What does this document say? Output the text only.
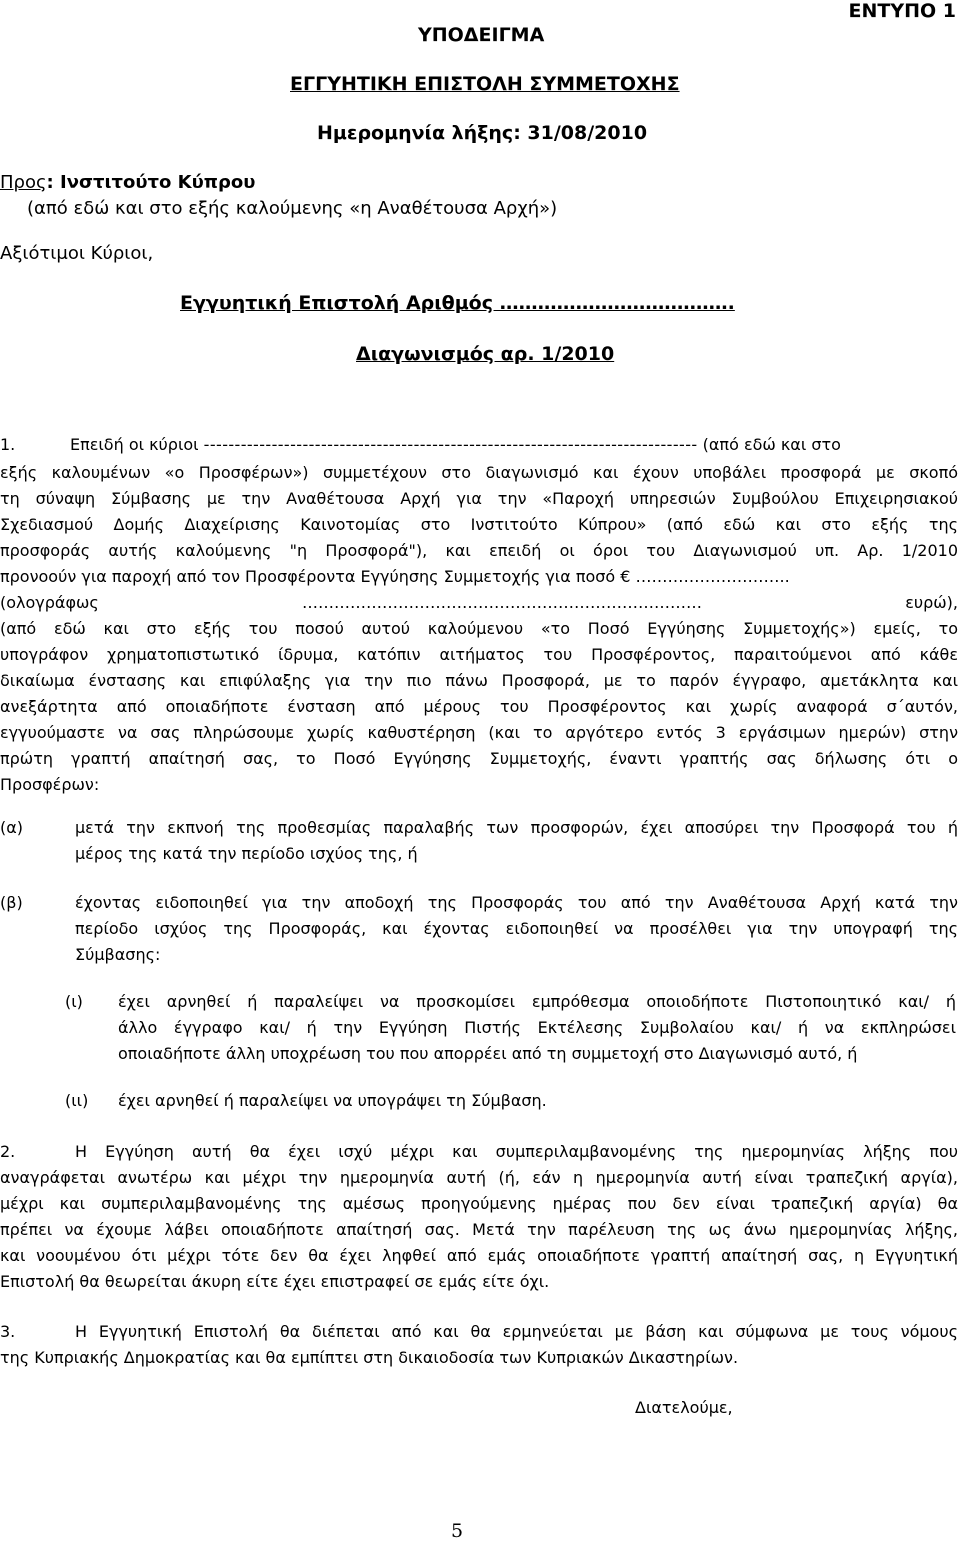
ΕΝΤΥΠΟ 1
ΥΠΟΔΕΙΓΜΑ
ΕΓΓΥΗΤΙΚΗ ΕΠΙΣΤΟΛΗ ΣΥΜΜΕΤΟΧΗΣ
Ημερομηνία λήξης: 31/08/2010
Προς: Ινστιτούτο Κύπρου
(από εδώ και στο εξής καλούμενης «η Αναθέτουσα Αρχή»)
Αξιότιμοι Κύριοι,
Εγγυητική Επιστολή Αριθμός ……………………………….
Διαγωνισμός αρ. 1/2010
1.	Επειδή οι κύριοι -------------------------------------------------------------------------------- (από εδώ και στο
εξής καλουμένων «ο Προσφέρων») συμμετέχουν στο διαγωνισμό και έχουν υποβάλει προσφορά με σκοπό
τη σύναψη Σύμβασης με την Αναθέτουσα Αρχή για την «Παροχή υπηρεσιών Συμβούλου Επιχειρησιακού
Σχεδιασμού Δομής Διαχείρισης Καινοτομίας στο Ινστιτούτο Κύπρου» (από εδώ και στο εξής της
προσφοράς αυτής καλούμενης "η Προσφορά"), και επειδή οι όροι του Διαγωνισμού υπ. Αρ. 1/2010
προνοούν για παροχή από τον Προσφέροντα Εγγύησης Συμμετοχής για ποσό € ………………………..
(ολογράφως ………………………………………………………………… ευρώ),
(από εδώ και στο εξής του ποσού αυτού καλούμενου «το Ποσό Εγγύησης Συμμετοχής») εμείς, το
υπογράφον χρηματοπιστωτικό ίδρυμα, κατόπιν αιτήματος του Προσφέροντος, παραιτούμενοι από κάθε
δικαίωμα ένστασης και επιφύλαξης για την πιο πάνω Προσφορά, με το παρόν έγγραφο, αμετάκλητα και
ανεξάρτητα από οποιαδήποτε ένσταση από μέρους του Προσφέροντος και χωρίς αναφορά σ΄αυτόν,
εγγυούμαστε να σας πληρώσουμε χωρίς καθυστέρηση (και το αργότερο εντός 3 εργάσιμων ημερών) στην
πρώτη γραπτή απαίτησή σας, το Ποσό Εγγύησης Συμμετοχής, έναντι γραπτής σας δήλωσης ότι ο
Προσφέρων:
(α)	μετά την εκπνοή της προθεσμίας παραλαβής των προσφορών, έχει αποσύρει την Προσφορά του ή
μέρος της κατά την περίοδο ισχύος της, ή
(β)	έχοντας ειδοποιηθεί για την αποδοχή της Προσφοράς του από την Αναθέτουσα Αρχή κατά την
περίοδο ισχύος της Προσφοράς, και έχοντας ειδοποιηθεί να προσέλθει για την υπογραφή της
Σύμβασης:
(ι) έχει αρνηθεί ή παραλείψει να προσκομίσει εμπρόθεσμα οποιοδήποτε Πιστοποιητικό και/ ή
άλλο έγγραφο και/ ή την Εγγύηση Πιστής Εκτέλεσης Συμβολαίου και/ ή να εκπληρώσει
οποιαδήποτε άλλη υποχρέωση του που απορρέει από τη συμμετοχή στο Διαγωνισμό αυτό, ή
(ιι) έχει αρνηθεί ή παραλείψει να υπογράψει τη Σύμβαση.
2.	Η Εγγύηση αυτή θα έχει ισχύ μέχρι και συμπεριλαμβανομένης της ημερομηνίας λήξης που
αναγράφεται ανωτέρω και μέχρι την ημερομηνία αυτή (ή, εάν η ημερομηνία αυτή είναι τραπεζική αργία),
μέχρι και συμπεριλαμβανομένης της αμέσως προηγούμενης ημέρας που δεν είναι τραπεζική αργία) θα
πρέπει να έχουμε λάβει οποιαδήποτε απαίτησή σας. Μετά την παρέλευση της ως άνω ημερομηνίας λήξης,
και νοουμένου ότι μέχρι τότε δεν θα έχει ληφθεί από εμάς οποιαδήποτε γραπτή απαίτησή σας, η Εγγυητική
Επιστολή θα θεωρείται άκυρη είτε έχει επιστραφεί σε εμάς είτε όχι.
3.	Η Εγγυητική Επιστολή θα διέπεται από και θα ερμηνεύεται με βάση και σύμφωνα με τους νόμους
της Κυπριακής Δημοκρατίας και θα εμπίπτει στη δικαιοδοσία των Κυπριακών Δικαστηρίων.
Διατελούμε,
5
